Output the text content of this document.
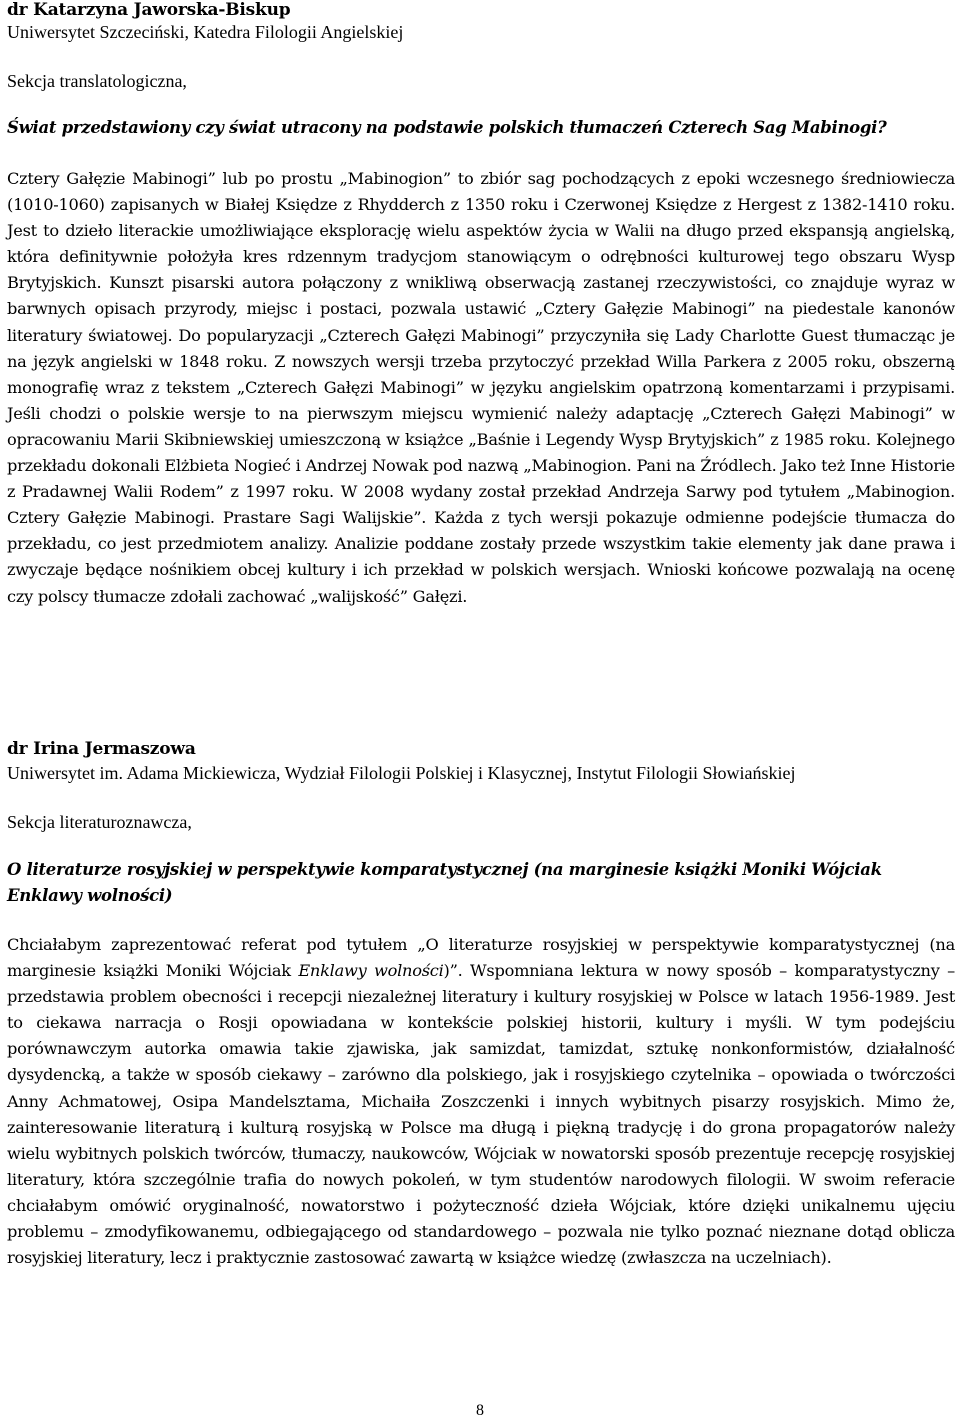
dr Katarzyna Jaworska-Biskup

Uniwersytet Szczeciński, Katedra Filologii Angielskiej

Sekcja translatologiczna,

Świat przedstawiony czy świat utracony na podstawie polskich tłumaczeń Czterech Sag Mabinogi?

Cztery Gałęzie Mabinogi” lub po prostu „Mabinogion” to zbiór sag pochodzących z epoki wczesnego średniowiecza (1010-1060) zapisanych w Białej Księdze z Rhydderch z 1350 roku i Czerwonej Księdze z Hergest z 1382-1410 roku. Jest to dzieło literackie umożliwiające eksplorację wielu aspektów życia w Walii na długo przed ekspansją angielską, która definitywnie położyła kres rdzennym tradycjom stanowiącym o odrębności kulturowej tego obszaru Wysp Brytyjskich. Kunszt pisarski autora połączony z wnikliwą obserwacją zastanej rzeczywistości, co znajduje wyraz w barwnych opisach przyrody, miejsc i postaci, pozwala ustawić „Cztery Gałęzie Mabinogi” na piedestale kanonów literatury światowej. Do popularyzacji „Czterech Gałęzi Mabinogi” przyczyniła się Lady Charlotte Guest tłumacząc je na język angielski w 1848 roku. Z nowszych wersji trzeba przytoczyć przekład Willa Parkera z 2005 roku, obszerną monografię wraz z tekstem „Czterech Gałęzi Mabinogi” w języku angielskim opatrzoną komentarzami i przypisami. Jeśli chodzi o polskie wersje to na pierwszym miejscu wymienić należy adaptację „Czterech Gałęzi Mabinogi” w opracowaniu Marii Skibniewskiej umieszczoną w książce „Baśnie i Legendy Wysp Brytyjskich” z 1985 roku. Kolejnego przekładu dokonali Elżbieta Nogieć i Andrzej Nowak pod nazwą „Mabinogion. Pani na Źródlech. Jako też Inne Historie z Pradawnej Walii Rodem” z 1997 roku. W 2008 wydany został przekład Andrzeja Sarwy pod tytułem „Mabinogion. Cztery Gałęzie Mabinogi. Prastare Sagi Walijskie”. Każda z tych wersji pokazuje odmienne podejście tłumacza do przekładu, co jest przedmiotem analizy. Analizie poddane zostały przede wszystkim takie elementy jak dane prawa i zwyczaje będące nośnikiem obcej kultury i ich przekład w polskich wersjach. Wnioski końcowe pozwalają na ocenę czy polscy tłumacze zdołali zachować „walijskość” Gałęzi.

dr Irina Jermaszowa

Uniwersytet im. Adama Mickiewicza, Wydział Filologii Polskiej i Klasycznej, Instytut Filologii Słowiańskiej

Sekcja literaturoznawcza,

O literaturze rosyjskiej w perspektywie komparatystycznej (na marginesie książki Moniki Wójciak Enklawy wolności)

Chciałabym zaprezentować referat pod tytułem „O literaturze rosyjskiej w perspektywie komparatystycznej (na marginesie książki Moniki Wójciak Enklawy wolności)”. Wspomniana lektura w nowy sposób – komparatystyczny – przedstawia problem obecności i recepcji niezależnej literatury i kultury rosyjskiej w Polsce w latach 1956-1989. Jest to ciekawa narracja o Rosji opowiadana w kontekście polskiej historii, kultury i myśli. W tym podejściu porównawczym autorka omawia takie zjawiska, jak samizdat, tamizdat, sztukę nonkonformistów, działalność dysydencką, a także w sposób ciekawy – zarówno dla polskiego, jak i rosyjskiego czytelnika – opowiada o twórczości Anny Achmatowej, Osipa Mandelsztama, Michaiła Zoszczenki i innych wybitnych pisarzy rosyjskich. Mimo że, zainteresowanie literaturą i kulturą rosyjską w Polsce ma długą i piękną tradycję i do grona propagatorów należy wielu wybitnych polskich twórców, tłumaczy, naukowców, Wójciak w nowatorski sposób prezentuje recepcję rosyjskiej literatury, która szczególnie trafia do nowych pokoleń, w tym studentów narodowych filologii. W swoim referacie chciałabym omówić oryginalność, nowatorstwo i pożyteczność dzieła Wójciak, które dzięki unikalnemu ujęciu problemu – zmodyfikowanemu, odbiegającego od standardowego – pozwala nie tylko poznać nieznane dotąd oblicza rosyjskiej literatury, lecz i praktycznie zastosować zawartą w książce wiedzę (zwłaszcza na uczelniach).

8
